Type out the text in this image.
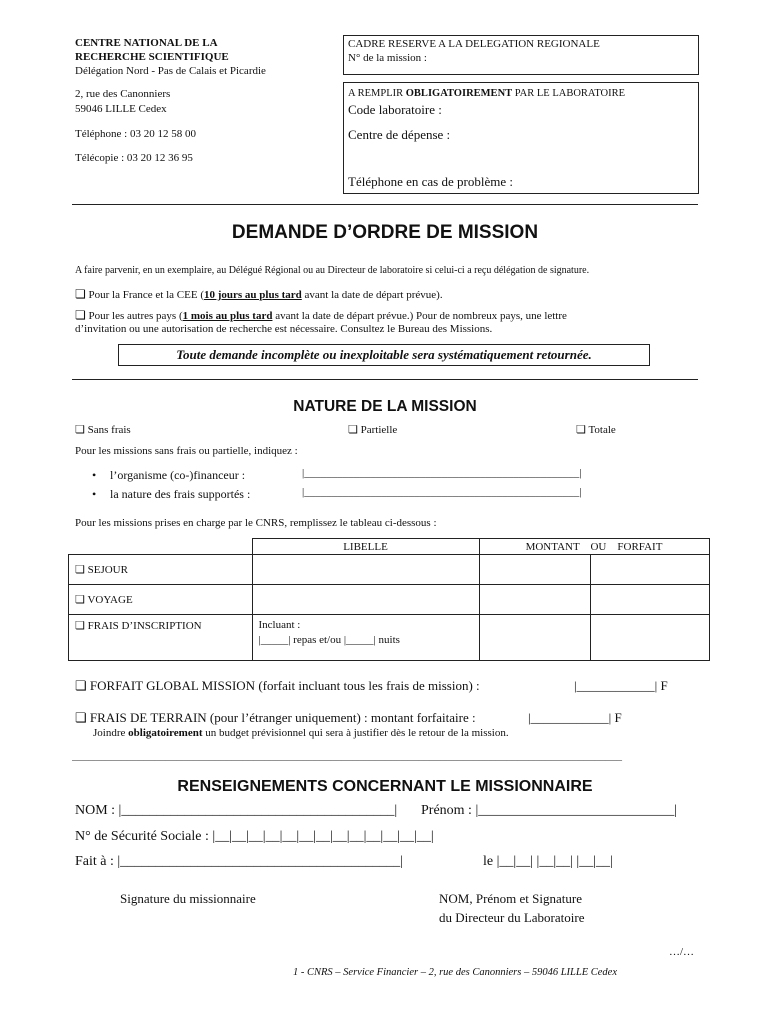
CENTRE NATIONAL DE LA
RECHERCHE SCIENTIFIQUE
Délégation Nord - Pas de Calais et Picardie
2, rue des Canonniers
59046 LILLE Cedex
Téléphone : 03 20 12 58 00
Télécopie : 03 20 12 36 95
CADRE RESERVE A LA DELEGATION REGIONALE
N° de la mission :
A REMPLIR OBLIGATOIREMENT PAR LE LABORATOIRE
Code laboratoire :
Centre de dépense :
Téléphone en cas de problème :
DEMANDE D’ORDRE DE MISSION
A faire parvenir, en un exemplaire, au Délégué Régional ou au Directeur de laboratoire si celui-ci a reçu délégation de signature.
❏ Pour la France et la CEE (10 jours au plus tard avant la date de départ prévue).
❏ Pour les autres pays (1 mois au plus tard avant la date de départ prévue.) Pour de nombreux pays, une lettre
d’invitation ou une autorisation de recherche est nécessaire. Consultez le Bureau des Missions.
Toute demande incomplète ou inexploitable sera systématiquement retournée.
NATURE DE LA MISSION
❏ Sans frais	❏ Partielle	❏ Totale
Pour les missions sans frais ou partielle, indiquez :
• l’organisme (co-)financeur :	|__________________________________________________|
• la nature des frais supportés :	|__________________________________________________|
Pour les missions prises en charge par le CNRS, remplissez le tableau ci-dessous :
	LIBELLE	MONTANT    OU    FORFAIT	
❏ SEJOUR			
❏ VOYAGE			
❏ FRAIS D’INSCRIPTION	Incluant :
|_____| repas et/ou |_____| nuits		

❏ FORFAIT GLOBAL MISSION (forfait incluant tous les frais de mission) :	|____________| F
❏ FRAIS DE TERRAIN (pour l’étranger uniquement) : montant forfaitaire :	|____________| F
Joindre obligatoirement un budget prévisionnel qui sera à justifier dès le retour de la mission.
____________________________________________________________________________________________________
RENSEIGNEMENTS CONCERNANT LE MISSIONNAIRE
NOM : |_______________________________________| Prénom : |____________________________|
N° de Sécurité Sociale : |__|__|__|__|__|__|__|__|__|__|__|__|__|
Fait à : |________________________________________|	le |__|__| |__|__| |__|__|
Signature du missionnaire	NOM, Prénom et Signature
du Directeur du Laboratoire
…/…
1 - CNRS – Service Financier – 2, rue des Canonniers – 59046 LILLE Cedex
